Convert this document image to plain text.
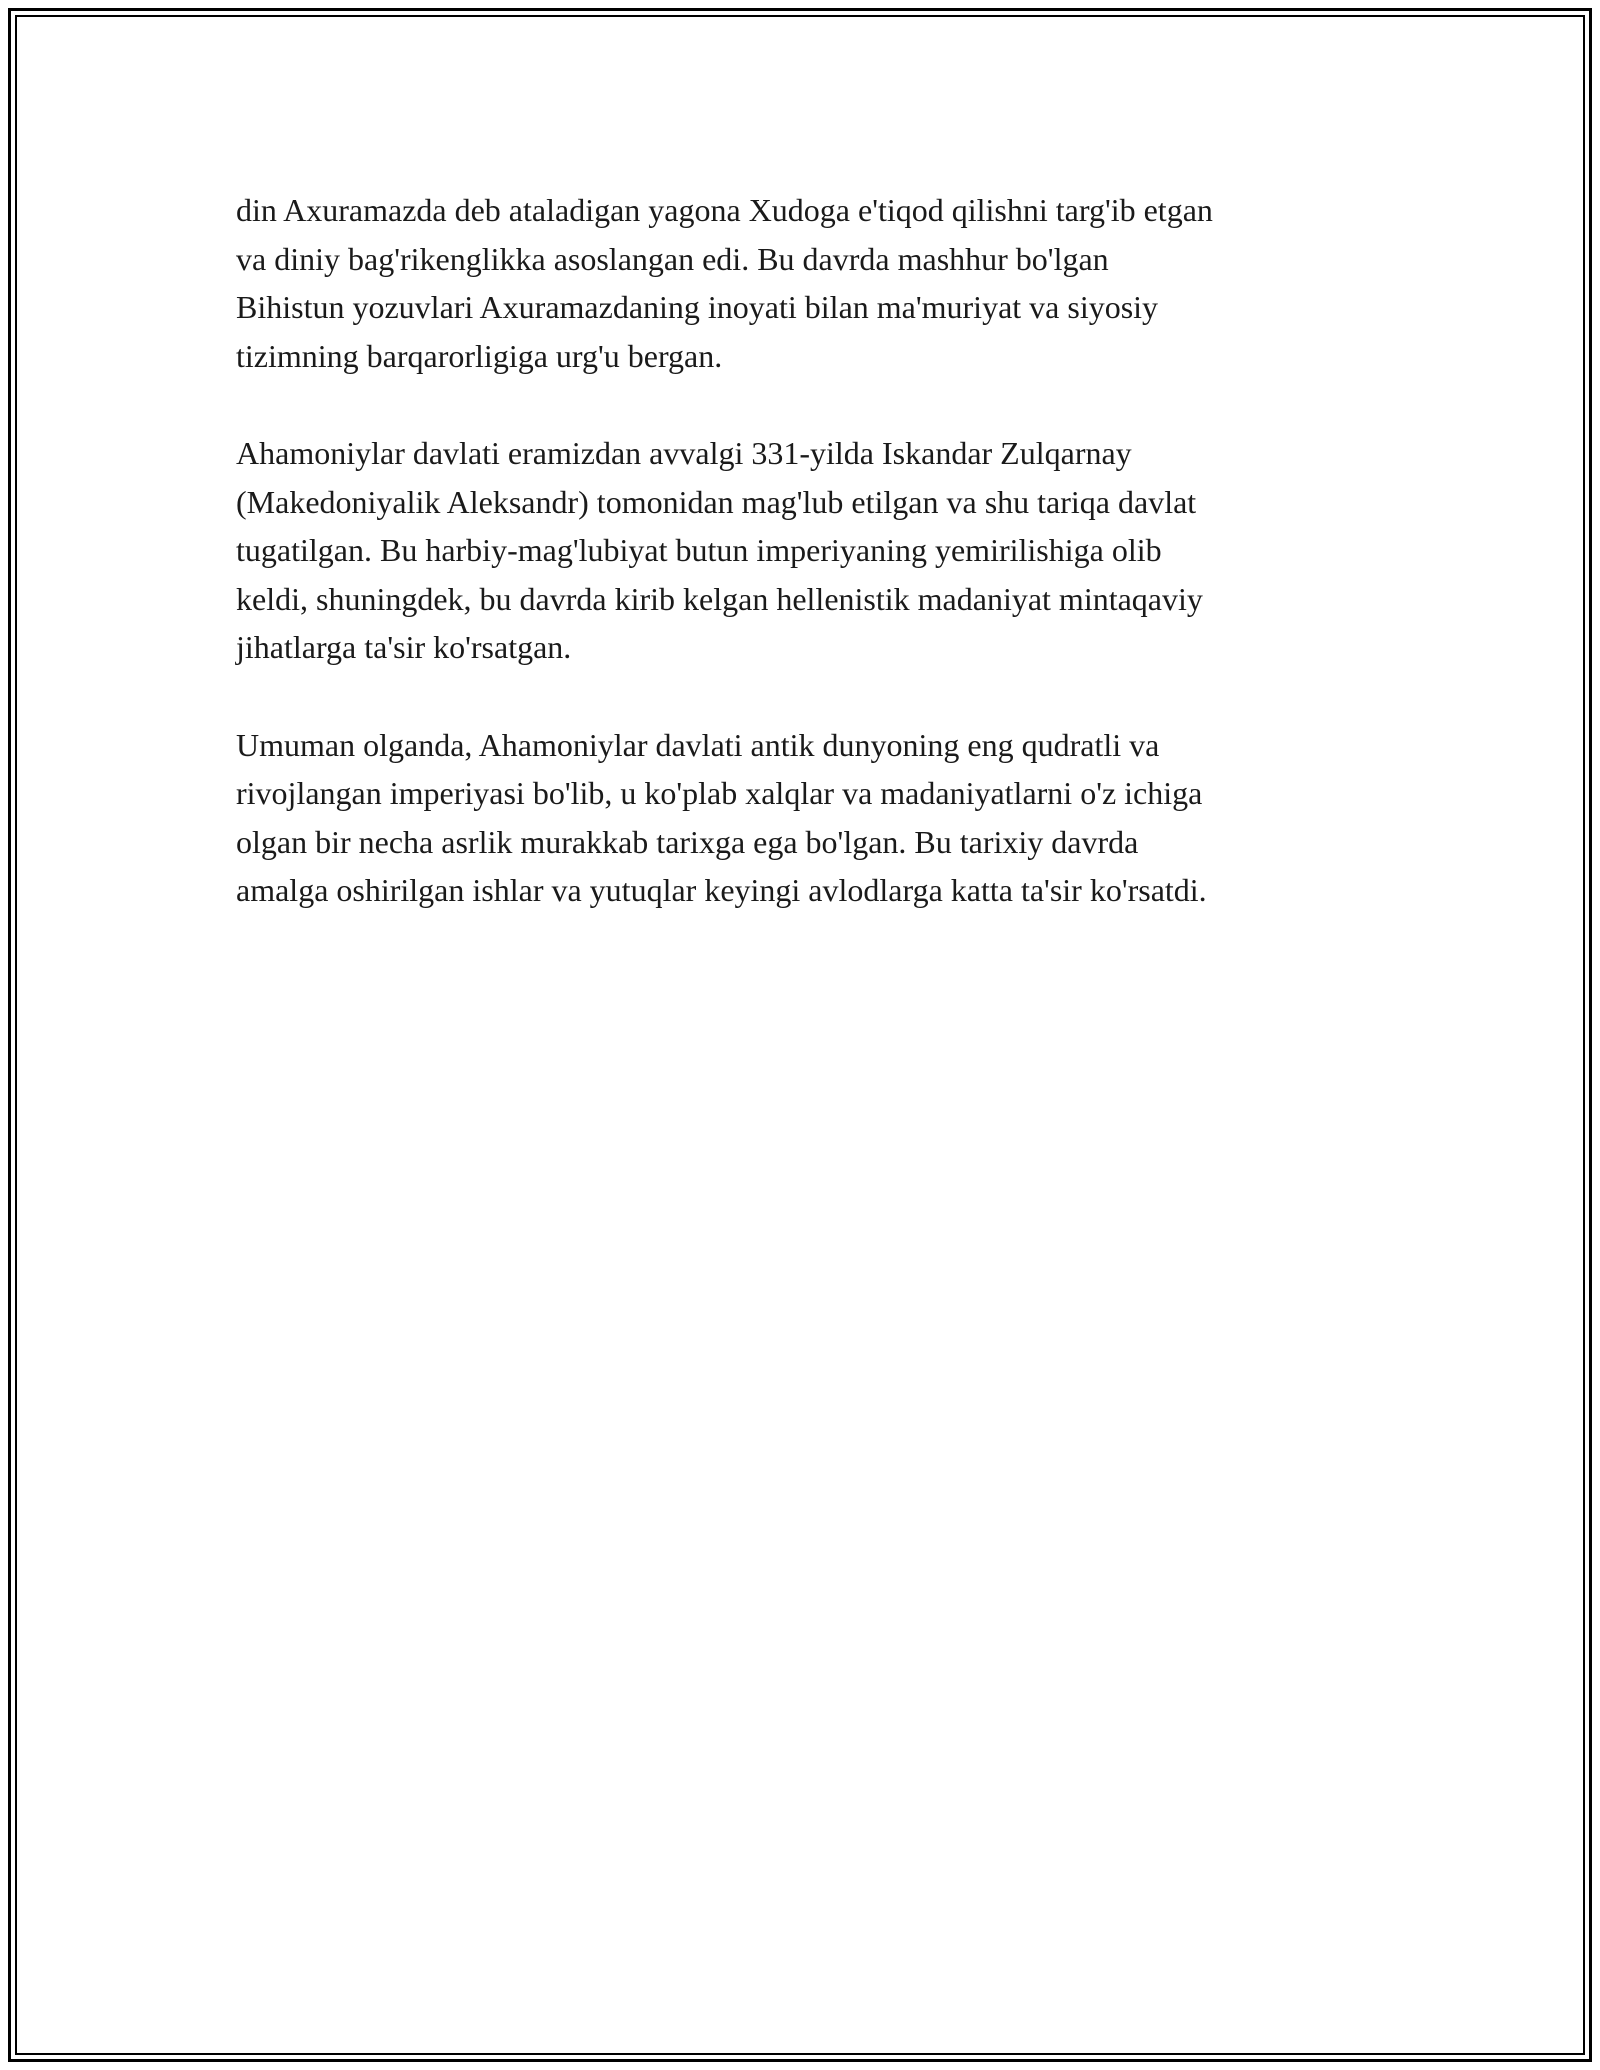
din Axuramazda deb ataladigan yagona Xudoga e'tiqod qilishni targ'ib etgan
va diniy bag'rikenglikka asoslangan edi. Bu davrda mashhur bo'lgan
Bihistun yozuvlari Axuramazdaning inoyati bilan ma'muriyat va siyosiy
tizimning barqarorligiga urg'u bergan.

Ahamoniylar davlati eramizdan avvalgi 331-yilda Iskandar Zulqarnay
(Makedoniyalik Aleksandr) tomonidan mag'lub etilgan va shu tariqa davlat
tugatilgan. Bu harbiy-mag'lubiyat butun imperiyaning yemirilishiga olib
keldi, shuningdek, bu davrda kirib kelgan hellenistik madaniyat mintaqaviy
jihatlarga ta'sir ko'rsatgan.

Umuman olganda, Ahamoniylar davlati antik dunyoning eng qudratli va
rivojlangan imperiyasi bo'lib, u ko'plab xalqlar va madaniyatlarni o'z ichiga
olgan bir necha asrlik murakkab tarixga ega bo'lgan. Bu tarixiy davrda
amalga oshirilgan ishlar va yutuqlar keyingi avlodlarga katta ta'sir ko'rsatdi.
